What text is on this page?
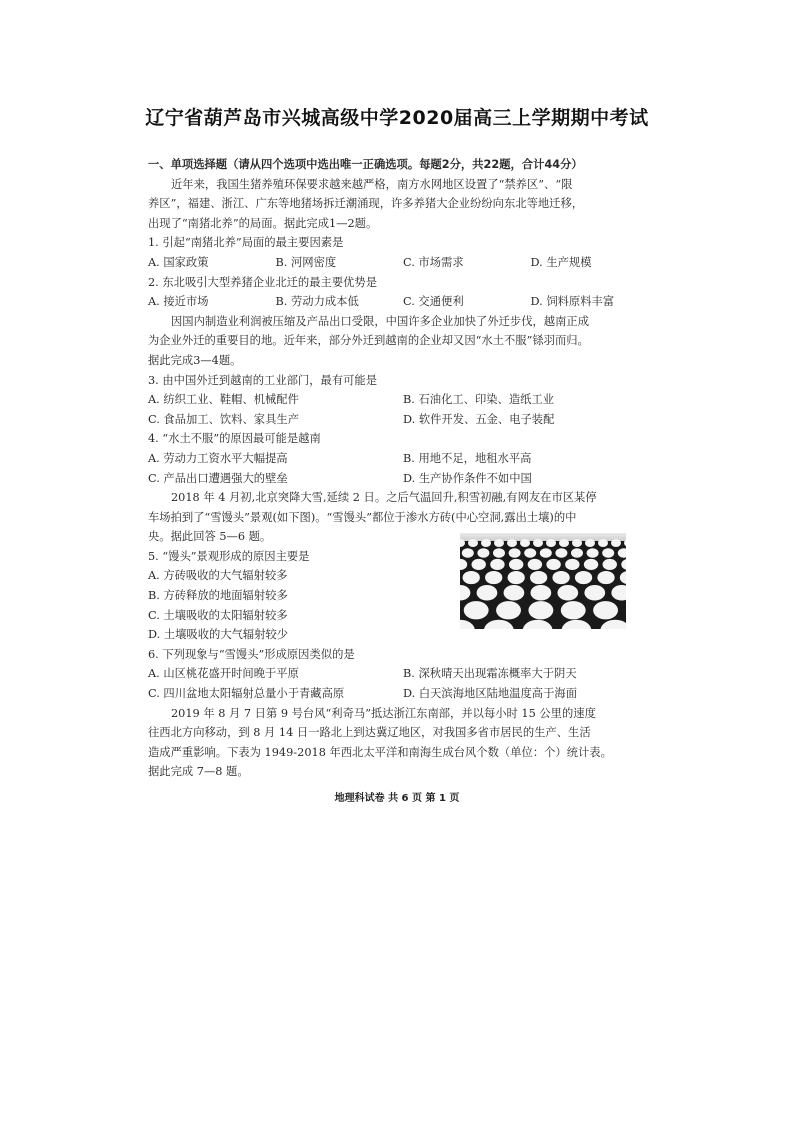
辽宁省葫芦岛市兴城高级中学2020届高三上学期期中考试
一、单项选择题（请从四个选项中选出唯一正确选项。每题2分，共22题，合计44分）
近年来，我国生猪养殖环保要求越来越严格，南方水网地区设置了“禁养区”、“限
养区”，福建、浙江、广东等地猪场拆迁潮涌现，许多养猪大企业纷纷向东北等地迁移，
出现了“南猪北养”的局面。据此完成1—2题。
1. 引起“南猪北养”局面的最主要因素是
A. 国家政策	B. 河网密度	C. 市场需求	D. 生产规模
2. 东北吸引大型养猪企业北迁的最主要优势是
A. 接近市场	B. 劳动力成本低	C. 交通便利	D. 饲料原料丰富
因国内制造业利润被压缩及产品出口受限，中国许多企业加快了外迁步伐，越南正成
为企业外迁的重要目的地。近年来，部分外迁到越南的企业却又因“水土不服”铩羽而归。
据此完成3—4题。
3. 由中国外迁到越南的工业部门，最有可能是
A. 纺织工业、鞋帽、机械配件	B. 石油化工、印染、造纸工业
C. 食品加工、饮料、家具生产	D. 软件开发、五金、电子装配
4. “水土不服”的原因最可能是越南
A. 劳动力工资水平大幅提高	B. 用地不足，地租水平高
C. 产品出口遭遇强大的壁垒	D. 生产协作条件不如中国
2018 年 4 月初,北京突降大雪,延续 2 日。之后气温回升,积雪初融,有网友在市区某停
车场拍到了“雪馒头”景观(如下图)。“雪馒头”都位于渗水方砖(中心空洞,露出土壤)的中
央。据此回答 5—6 题。
5. “馒头”景观形成的原因主要是
A. 方砖吸收的大气辐射较多
B. 方砖释放的地面辐射较多
C. 土壤吸收的太阳辐射较多
D. 土壤吸收的大气辐射较少
6. 下列现象与“雪馒头”形成原因类似的是
A. 山区桃花盛开时间晚于平原	B. 深秋晴天出现霜冻概率大于阴天
C. 四川盆地太阳辐射总量小于青藏高原	D. 白天滨海地区陆地温度高于海面
2019 年 8 月 7 日第 9 号台风“利奇马”抵达浙江东南部，并以每小时 15 公里的速度
往西北方向移动，到 8 月 14 日一路北上到达冀辽地区，对我国多省市居民的生产、生活
造成严重影响。下表为 1949-2018 年西北太平洋和南海生成台风个数（单位：个）统计表。
据此完成 7—8 题。
地理科试卷 共 6 页 第 1 页
